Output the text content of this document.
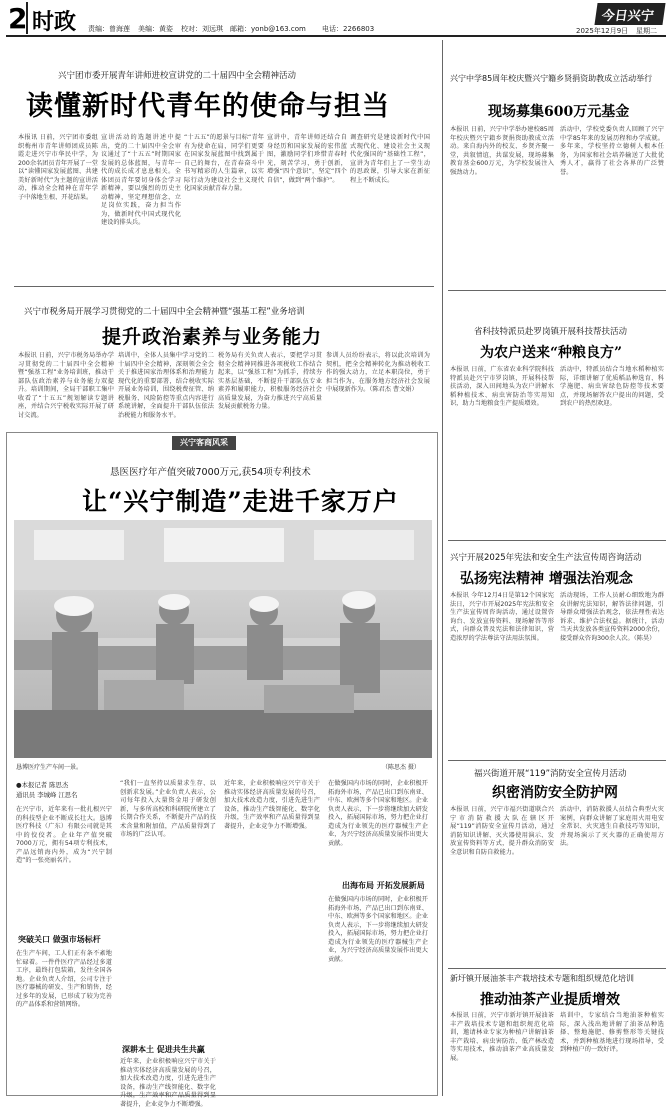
2 时政 责编：曾海莲 美编：黄姿 校对：刘远琪 邮箱：yonb@163.com 电话：2266803
今日兴宁
2025年12月9日 星期二
兴宁团市委开展青年讲师进校宣讲党的二十届四中全会精神活动
读懂新时代青年的使命与担当
本报讯 日前，兴宁团市委组织梅州市青年讲师团成员陈霞走进兴宁市华民中学，为200余名团员青年开展了一堂以“读懂国家发展蓝图、共建美好新时代”为主题的宣讲活动，推动全会精神在青年学子中落地生根、开花结果。
宣讲活动的选题讲述中提出，党的二十届四中全会审议通过了“十五五”时期国家发展的总体蓝图，与青年一代的成长成才息息相关。全体团员青年要切身体会学习新精神，要以强烈的历史主动精神，坚定理想信念，立足岗位实践，奋力担当作为，做新时代中国式现代化建设的排头兵。
“十五五”的愿景与目标“青年有为使命在肩，同学们更要在国家发展蓝图中找到属于自己的舞台，在青春奋斗中书写精彩的人生篇章，以实际行动为建设社会主义现代化国家贡献青春力量。
宣讲中，青年讲师还结合自身经历和国家发展的宏伟蓝图，激励同学们珍惜青春时光，刻苦学习，勇于创新，增强“四个意识”，坚定“四个自信”，做到“两个维护”。
调查研究是建设新时代中国式现代化、建设社会主义现代化强国的“基础性工程”，宣讲为青年们上了一堂生动的思政课，引导大家在新征程上不断成长。
兴宁市税务局开展学习贯彻党的二十届四中全会精神暨“强基工程”业务培训
提升政治素养与业务能力
本报讯 日前，兴宁市税务局举办学习贯彻党的二十届四中全会精神暨“强基工程”业务培训班，推动干部队伍政治素养与业务能力双提升。培训期间，全局干部职工集中收看了“十五五”规划解读专题讲座，并结合兴宁税收实际开展了研讨交流。
培训中，全体人员集中学习党的二十届四中全会精神，深刻领会全会关于推进国家治理体系和治理能力现代化的重要部署，结合税收实际开展业务培训，围绕税费征管、纳税服务、风险防控等重点内容进行系统讲解，全面提升干部队伍依法治税能力和服务水平。
税务局有关负责人表示，要把学习贯彻全会精神同推进各项税收工作结合起来，以“强基工程”为抓手，持续夯实基层基础，不断提升干部队伍专业素养和履职能力，积极服务经济社会高质量发展，为奋力推进兴宁高质量发展贡献税务力量。
参训人员纷纷表示，将以此次培训为契机，把全会精神转化为推动税收工作的强大动力，立足本职岗位，勇于担当作为，在服务地方经济社会发展中展现新作为。（陈君杰 曹文娟）
兴宁客商风采
恳医医疗年产值突破7000万元,获54项专利技术
让“兴宁制造”走进千家万户
恳博医疗生产车间一景。	（陈思杰 摄）
●本报记者 陈思杰
通讯员 李城峰 江思名
在兴宁市，近年来有一批扎根兴宁的科技型企业不断成长壮大。恳博医疗科技（广东）有限公司就是其中的佼佼者。企业年产值突破7000万元，拥有54项专利技术，产品远销海内外，成为“兴宁制造”的一张亮丽名片。
突破关口 做强市场标杆
在生产车间，工人们正有条不紊地忙碌着。一件件医疗产品经过多道工序，最终打包装箱，发往全国各地。企业负责人介绍，公司专注于医疗器械的研发、生产和销售，经过多年的发展，已形成了较为完善的产品体系和营销网络。
“我们一直坚持以质量求生存、以创新求发展。”企业负责人表示，公司每年投入大量资金用于研发创新，与多所高校和科研院所建立了长期合作关系，不断提升产品的技术含量和附加值，产品质量得到了市场的广泛认可。
深耕本土 促进共生共赢
近年来，企业积极响应兴宁市关于推动实体经济高质量发展的号召，加大技术改造力度，引进先进生产设备，推动生产线智能化、数字化升级，生产效率和产品质量得到显著提升，企业竞争力不断增强。
近年来，企业积极响应兴宁市关于推动实体经济高质量发展的号召，加大技术改造力度，引进先进生产设备，推动生产线智能化、数字化升级，生产效率和产品质量得到显著提升，企业竞争力不断增强。
在做强国内市场的同时，企业积极开拓海外市场，产品已出口到东南亚、中东、欧洲等多个国家和地区。企业负责人表示，下一步将继续加大研发投入，拓展国际市场，努力把企业打造成为行业领先的医疗器械生产企业，为兴宁经济高质量发展作出更大贡献。
出海布局 开拓发展新局
在做强国内市场的同时，企业积极开拓海外市场，产品已出口到东南亚、中东、欧洲等多个国家和地区。企业负责人表示，下一步将继续加大研发投入，拓展国际市场，努力把企业打造成为行业领先的医疗器械生产企业，为兴宁经济高质量发展作出更大贡献。
兴宁中学85周年校庆暨兴宁籍乡贤捐资助教成立活动举行
现场募集600万元基金
本报讯 日前，兴宁中学举办建校85周年校庆暨兴宁籍乡贤捐资助教成立活动。来自海内外的校友、乡贤齐聚一堂，共叙情谊，共谋发展，现场募集教育基金600万元，为学校发展注入强劲动力。
活动中，学校党委负责人回顾了兴宁中学85年来的发展历程和办学成就。多年来，学校坚持立德树人根本任务，为国家和社会培养输送了大批优秀人才，赢得了社会各界的广泛赞誉。
省科技特派员赴罗岗镇开展科技帮扶活动
为农户送来“种粮良方”
本报讯 日前，广东省农业科学院科技特派员赴兴宁市罗岗镇，开展科技帮扶活动，深入田间地头为农户讲解水稻种植技术、病虫害防治等实用知识，助力当地粮食生产提质增效。
活动中，特派员结合当地水稻种植实际，详细讲解了优质稻品种选育、科学施肥、病虫害绿色防控等技术要点，并现场解答农户提出的问题，受到农户的热烈欢迎。
兴宁开展2025年宪法和安全生产法宣传周咨询活动
弘扬宪法精神 增强法治观念
本报讯 今年12月4日是第12个国家宪法日，兴宁市开展2025年宪法和安全生产法宣传周咨询活动，通过设置咨询台、发放宣传资料、现场解答等形式，向群众普及宪法和法律知识，营造浓厚的学法尊法守法用法氛围。
活动现场，工作人员耐心细致地为群众讲解宪法知识，解答法律问题，引导群众增强法治观念，依法理性表达诉求、维护合法权益。据统计，活动当天共发放各类宣传资料2000余份，接受群众咨询300余人次。（陈昊）
福兴街道开展“119”消防安全宣传月活动
织密消防安全防护网
本报讯 日前，兴宁市福兴街道联合兴宁市消防救援大队在辖区开展“119”消防安全宣传月活动，通过消防知识讲解、灭火器使用演示、发放宣传资料等方式，提升群众消防安全意识和自防自救能力。
活动中，消防救援人员结合典型火灾案例，向群众讲解了家庭用火用电安全常识、火灾逃生自救技巧等知识，并现场演示了灭火器的正确使用方法。
新圩镇开展油茶丰产栽培技术专题和组织规范化培训
推动油茶产业提质增效
本报讯 日前，兴宁市新圩镇开展油茶丰产栽培技术专题和组织规范化培训，邀请林业专家为种植户讲解油茶丰产栽培、病虫害防治、低产林改造等实用技术，推动油茶产业高质量发展。
培训中，专家结合当地油茶种植实际，深入浅出地讲解了油茶品种选择、整地施肥、修剪整形等关键技术，并到种植基地进行现场指导，受到种植户的一致好评。
